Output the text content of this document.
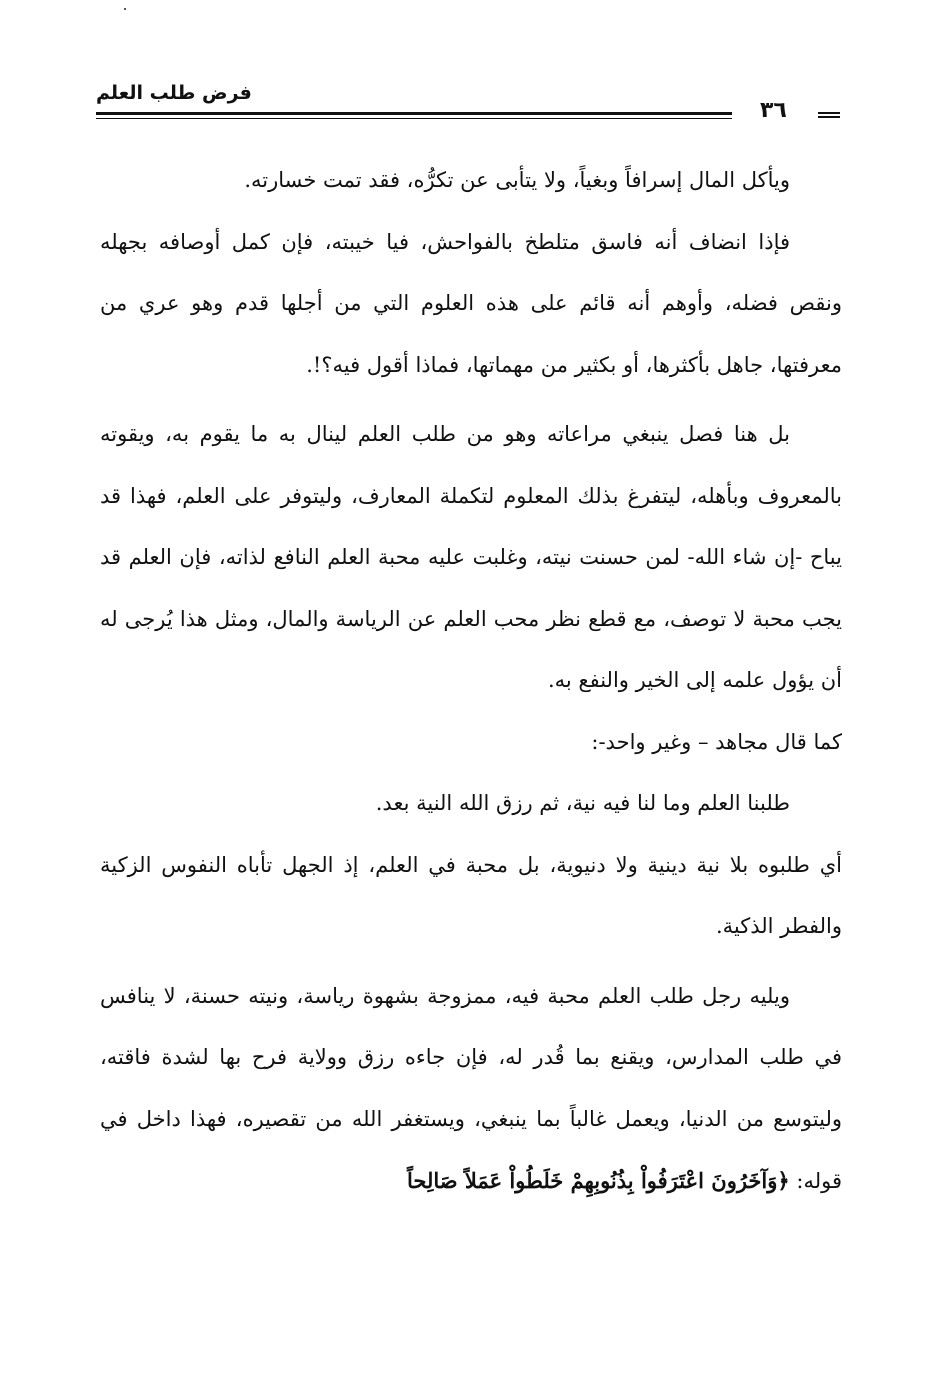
فرض طلب العلم
٣٦

ويأكل المال إسرافاً وبغياً، ولا يتأبى عن تكرُّه، فقد تمت خسارته.

فإذا انضاف أنه فاسق متلطخ بالفواحش، فيا خيبته، فإن كمل أوصافه بجهله ونقص فضله، وأوهم أنه قائم على هذه العلوم التي من أجلها قدم وهو عري من معرفتها، جاهل بأكثرها، أو بكثير من مهماتها، فماذا أقول فيه؟!.

بل هنا فصل ينبغي مراعاته وهو من طلب العلم لينال به ما يقوم به، ويقوته بالمعروف وبأهله، ليتفرغ بذلك المعلوم لتكملة المعارف، وليتوفر على العلم، فهذا قد يباح -إن شاء الله- لمن حسنت نيته، وغلبت عليه محبة العلم النافع لذاته، فإن العلم قد يجب محبة لا توصف، مع قطع نظر محب العلم عن الرياسة والمال، ومثل هذا يُرجى له أن يؤول علمه إلى الخير والنفع به.

كما قال مجاهد – وغير واحد-:

طلبنا العلم وما لنا فيه نية، ثم رزق الله النية بعد.

أي طلبوه بلا نية دينية ولا دنيوية، بل محبة في العلم، إذ الجهل تأباه النفوس الزكية والفطر الذكية.

ويليه رجل طلب العلم محبة فيه، ممزوجة بشهوة رياسة، ونيته حسنة، لا ينافس في طلب المدارس، ويقنع بما قُدر له، فإن جاءه رزق وولاية فرح بها لشدة فاقته، وليتوسع من الدنيا، ويعمل غالباً بما ينبغي، ويستغفر الله من تقصيره، فهذا داخل في قوله: ﴿وَآخَرُونَ اعْتَرَفُواْ بِذُنُوبِهِمْ خَلَطُواْ عَمَلاً صَالِحاً
